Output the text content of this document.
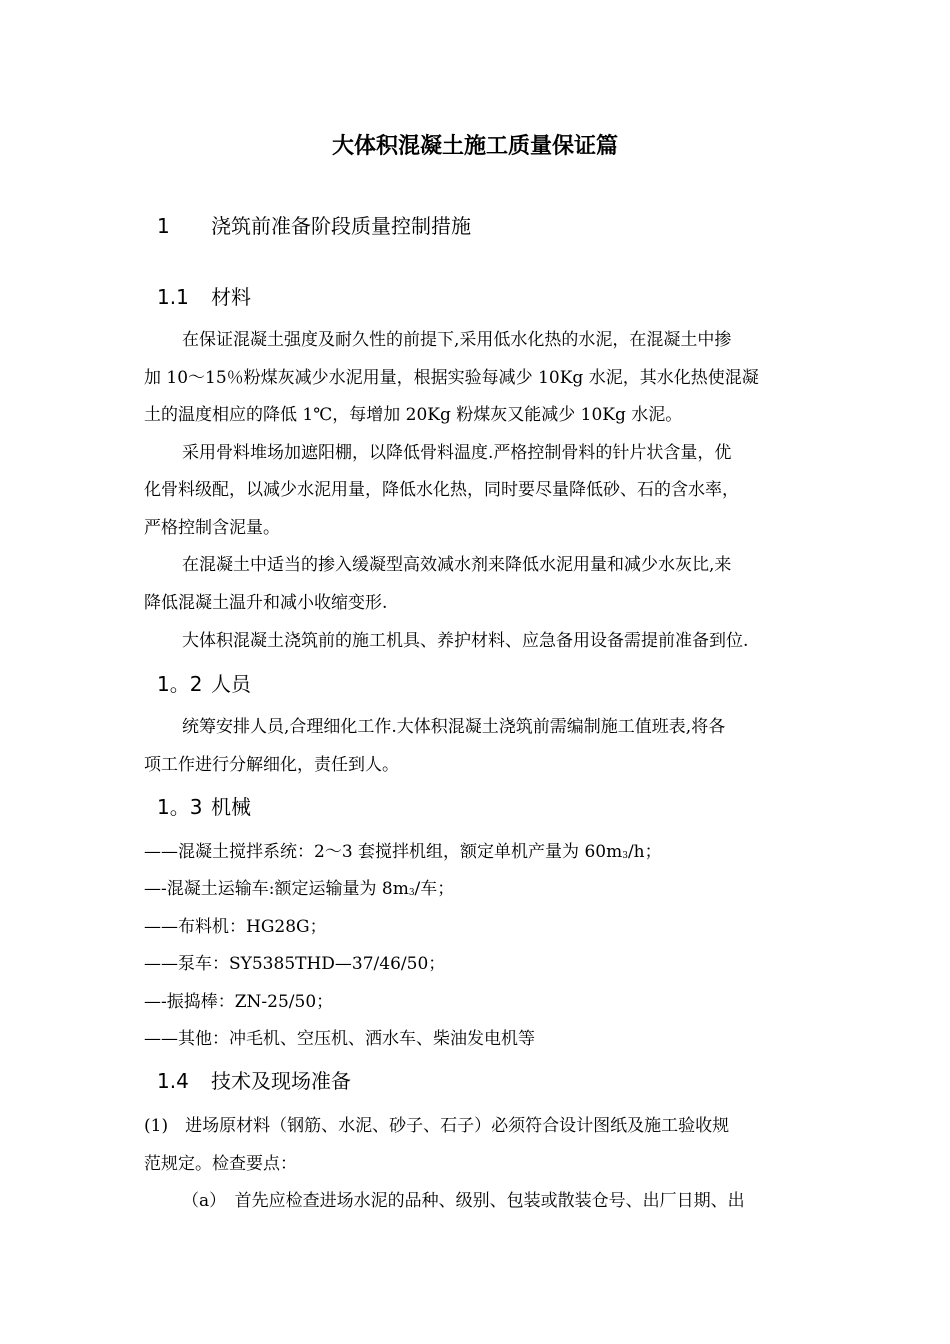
大体积混凝土施工质量保证篇
1 浇筑前准备阶段质量控制措施
1.1 材料
在保证混凝土强度及耐久性的前提下,采用低水化热的水泥，在混凝土中掺
加 10～15％粉煤灰减少水泥用量，根据实验每减少 10Kg 水泥，其水化热使混凝
土的温度相应的降低 1℃，每增加 20Kg 粉煤灰又能减少 10Kg 水泥。
采用骨料堆场加遮阳棚，以降低骨料温度.严格控制骨料的针片状含量，优
化骨料级配，以减少水泥用量，降低水化热，同时要尽量降低砂、石的含水率，
严格控制含泥量。
在混凝土中适当的掺入缓凝型高效减水剂来降低水泥用量和减少水灰比,来
降低混凝土温升和减小收缩变形.
大体积混凝土浇筑前的施工机具、养护材料、应急备用设备需提前准备到位.
1。2 人员
统筹安排人员,合理细化工作.大体积混凝土浇筑前需编制施工值班表,将各
项工作进行分解细化，责任到人。
1。3 机械
——混凝土搅拌系统：2～3 套搅拌机组，额定单机产量为 $60m^3/h$；
—-混凝土运输车:额定运输量为 $8m^3/$车；
——布料机：HG28G；
——泵车：SY5385THD—37/46/50；
—-振捣棒：ZN-25/50；
——其他：冲毛机、空压机、洒水车、柴油发电机等
1.4 技术及现场准备
(1)　进场原材料（钢筋、水泥、砂子、石子）必须符合设计图纸及施工验收规
范规定。检查要点：
（a）　首先应检查进场水泥的品种、级别、包装或散装仓号、出厂日期、出
